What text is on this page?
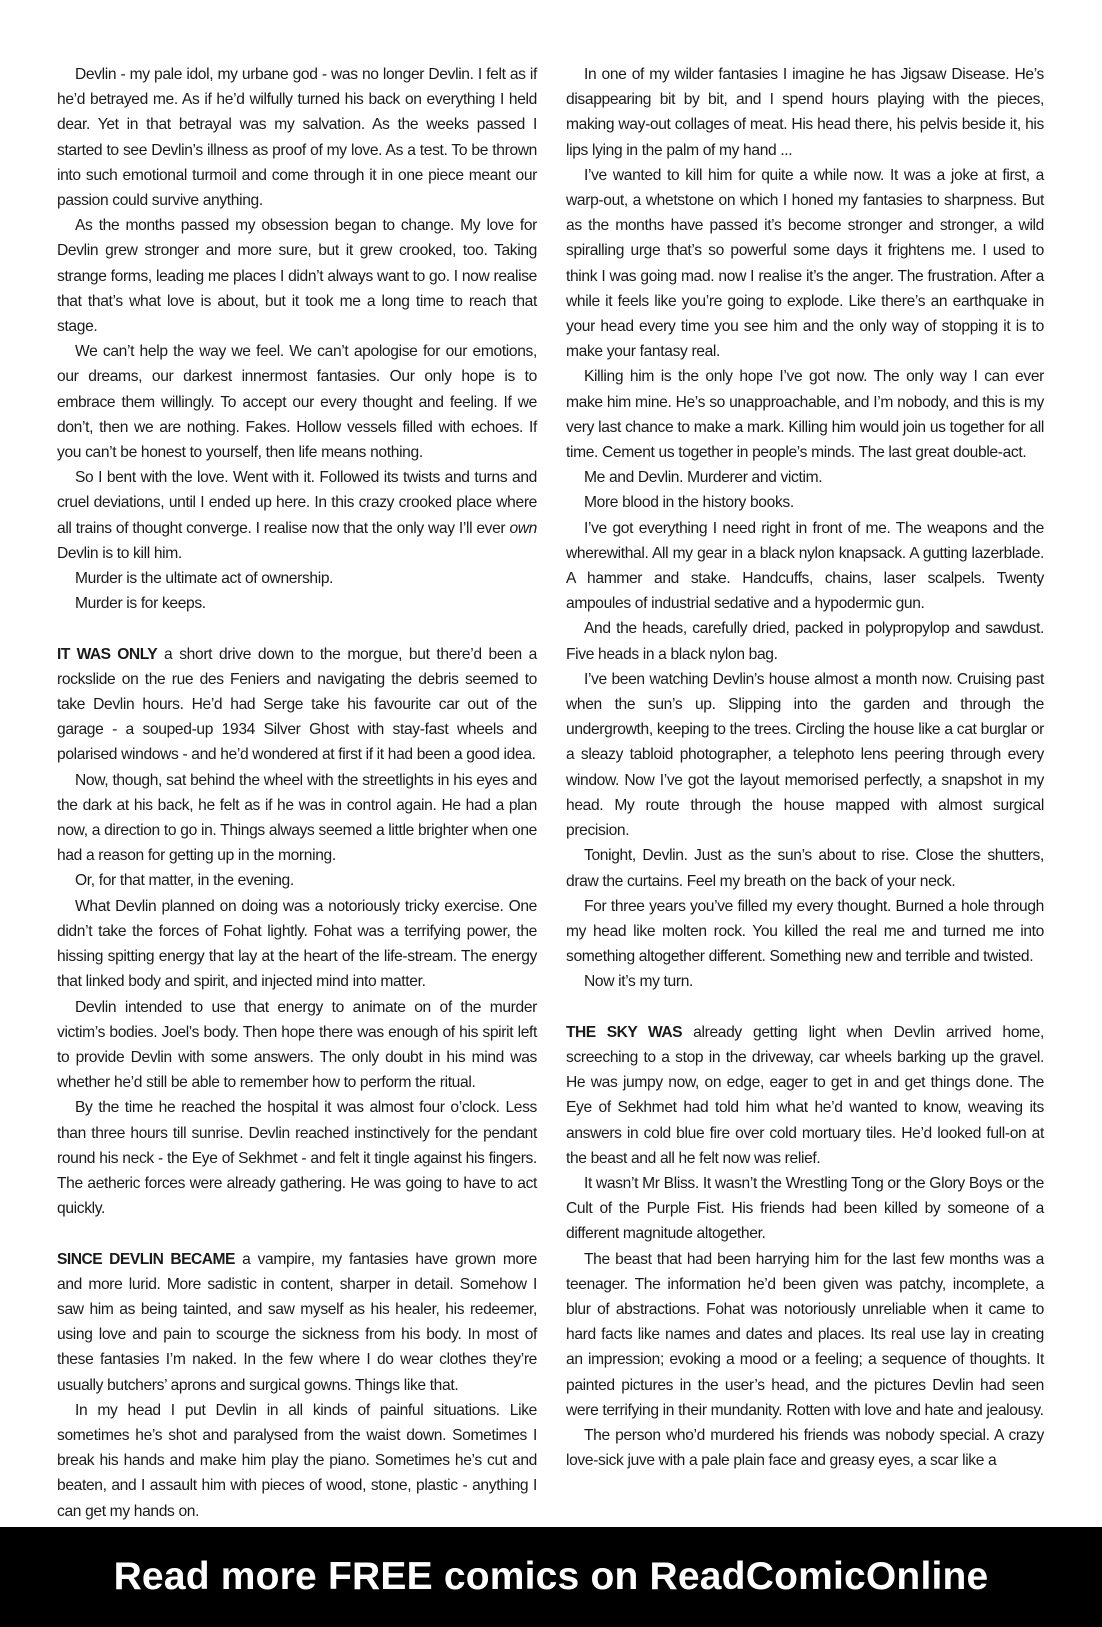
Devlin - my pale idol, my urbane god - was no longer Devlin. I felt as if he’d betrayed me. As if he’d wilfully turned his back on everything I held dear. Yet in that betrayal was my salvation. As the weeks passed I started to see Devlin’s illness as proof of my love. As a test. To be thrown into such emotional turmoil and come through it in one piece meant our passion could survive anything.

As the months passed my obsession began to change. My love for Devlin grew stronger and more sure, but it grew crooked, too. Taking strange forms, leading me places I didn’t always want to go. I now realise that that’s what love is about, but it took me a long time to reach that stage.

We can’t help the way we feel. We can’t apologise for our emotions, our dreams, our darkest innermost fantasies. Our only hope is to embrace them willingly. To accept our every thought and feeling. If we don’t, then we are nothing. Fakes. Hollow vessels filled with echoes. If you can’t be honest to yourself, then life means nothing.

So I bent with the love. Went with it. Followed its twists and turns and cruel deviations, until I ended up here. In this crazy crooked place where all trains of thought converge. I realise now that the only way I’ll ever own Devlin is to kill him.

Murder is the ultimate act of ownership.

Murder is for keeps.

IT WAS ONLY a short drive down to the morgue, but there’d been a rockslide on the rue des Feniers and navigating the debris seemed to take Devlin hours. He’d had Serge take his favourite car out of the garage - a souped-up 1934 Silver Ghost with stay-fast wheels and polarised windows - and he’d wondered at first if it had been a good idea.

Now, though, sat behind the wheel with the streetlights in his eyes and the dark at his back, he felt as if he was in control again. He had a plan now, a direction to go in. Things always seemed a little brighter when one had a reason for getting up in the morning.

Or, for that matter, in the evening.

What Devlin planned on doing was a notoriously tricky exercise. One didn’t take the forces of Fohat lightly. Fohat was a terrifying power, the hissing spitting energy that lay at the heart of the life-stream. The energy that linked body and spirit, and injected mind into matter.

Devlin intended to use that energy to animate on of the murder victim’s bodies. Joel’s body. Then hope there was enough of his spirit left to provide Devlin with some answers. The only doubt in his mind was whether he’d still be able to remember how to perform the ritual.

By the time he reached the hospital it was almost four o’clock. Less than three hours till sunrise. Devlin reached instinctively for the pendant round his neck - the Eye of Sekhmet - and felt it tingle against his fingers. The aetheric forces were already gathering. He was going to have to act quickly.

SINCE DEVLIN BECAME a vampire, my fantasies have grown more and more lurid. More sadistic in content, sharper in detail. Somehow I saw him as being tainted, and saw myself as his healer, his redeemer, using love and pain to scourge the sickness from his body. In most of these fantasies I’m naked. In the few where I do wear clothes they’re usually butchers’ aprons and surgical gowns. Things like that.

In my head I put Devlin in all kinds of painful situations. Like sometimes he’s shot and paralysed from the waist down. Sometimes I break his hands and make him play the piano. Sometimes he’s cut and beaten, and I assault him with pieces of wood, stone, plastic - anything I can get my hands on.

In one of my wilder fantasies I imagine he has Jigsaw Disease. He’s disappearing bit by bit, and I spend hours playing with the pieces, making way-out collages of meat. His head there, his pelvis beside it, his lips lying in the palm of my hand ...

I’ve wanted to kill him for quite a while now. It was a joke at first, a warp-out, a whetstone on which I honed my fantasies to sharpness. But as the months have passed it’s become stronger and stronger, a wild spiralling urge that’s so powerful some days it frightens me. I used to think I was going mad. now I realise it’s the anger. The frustration. After a while it feels like you’re going to explode. Like there’s an earthquake in your head every time you see him and the only way of stopping it is to make your fantasy real.

Killing him is the only hope I’ve got now. The only way I can ever make him mine. He’s so unapproachable, and I’m nobody, and this is my very last chance to make a mark. Killing him would join us together for all time. Cement us together in people’s minds. The last great double-act.

Me and Devlin. Murderer and victim.

More blood in the history books.

I’ve got everything I need right in front of me. The weapons and the wherewithal. All my gear in a black nylon knapsack. A gutting lazerblade. A hammer and stake. Handcuffs, chains, laser scalpels. Twenty ampoules of industrial sedative and a hypodermic gun.

And the heads, carefully dried, packed in polypropylop and sawdust. Five heads in a black nylon bag.

I’ve been watching Devlin’s house almost a month now. Cruising past when the sun’s up. Slipping into the garden and through the undergrowth, keeping to the trees. Circling the house like a cat burglar or a sleazy tabloid photographer, a telephoto lens peering through every window. Now I’ve got the layout memorised perfectly, a snapshot in my head. My route through the house mapped with almost surgical precision.

Tonight, Devlin. Just as the sun’s about to rise. Close the shutters, draw the curtains. Feel my breath on the back of your neck.

For three years you’ve filled my every thought. Burned a hole through my head like molten rock. You killed the real me and turned me into something altogether different. Something new and terrible and twisted.

Now it’s my turn.

THE SKY WAS already getting light when Devlin arrived home, screeching to a stop in the driveway, car wheels barking up the gravel. He was jumpy now, on edge, eager to get in and get things done. The Eye of Sekhmet had told him what he’d wanted to know, weaving its answers in cold blue fire over cold mortuary tiles. He’d looked full-on at the beast and all he felt now was relief.

It wasn’t Mr Bliss. It wasn’t the Wrestling Tong or the Glory Boys or the Cult of the Purple Fist. His friends had been killed by someone of a different magnitude altogether.

The beast that had been harrying him for the last few months was a teenager. The information he’d been given was patchy, incomplete, a blur of abstractions. Fohat was notoriously unreliable when it came to hard facts like names and dates and places. Its real use lay in creating an impression; evoking a mood or a feeling; a sequence of thoughts. It painted pictures in the user’s head, and the pictures Devlin had seen were terrifying in their mundanity. Rotten with love and hate and jealousy.

The person who’d murdered his friends was nobody special. A crazy love-sick juve with a pale plain face and greasy eyes, a scar like a

Read more FREE comics on ReadComicOnline
